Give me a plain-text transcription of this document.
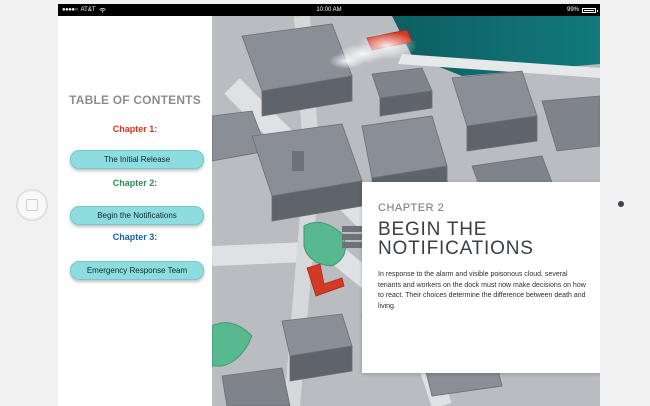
●●●●○ AT&T	10:00 AM	99%
TABLE OF CONTENTS
Chapter 1:
The Initial Release
Chapter 2:
Begin the Notifications
Chapter 3:
Emergency Response Team
CHAPTER 2
BEGIN THE
NOTIFICATIONS
In response to the alarm and visible poisonous cloud, several tenants and workers on the dock must now make decisions on how to react. Their choices determine the difference between death and living.
